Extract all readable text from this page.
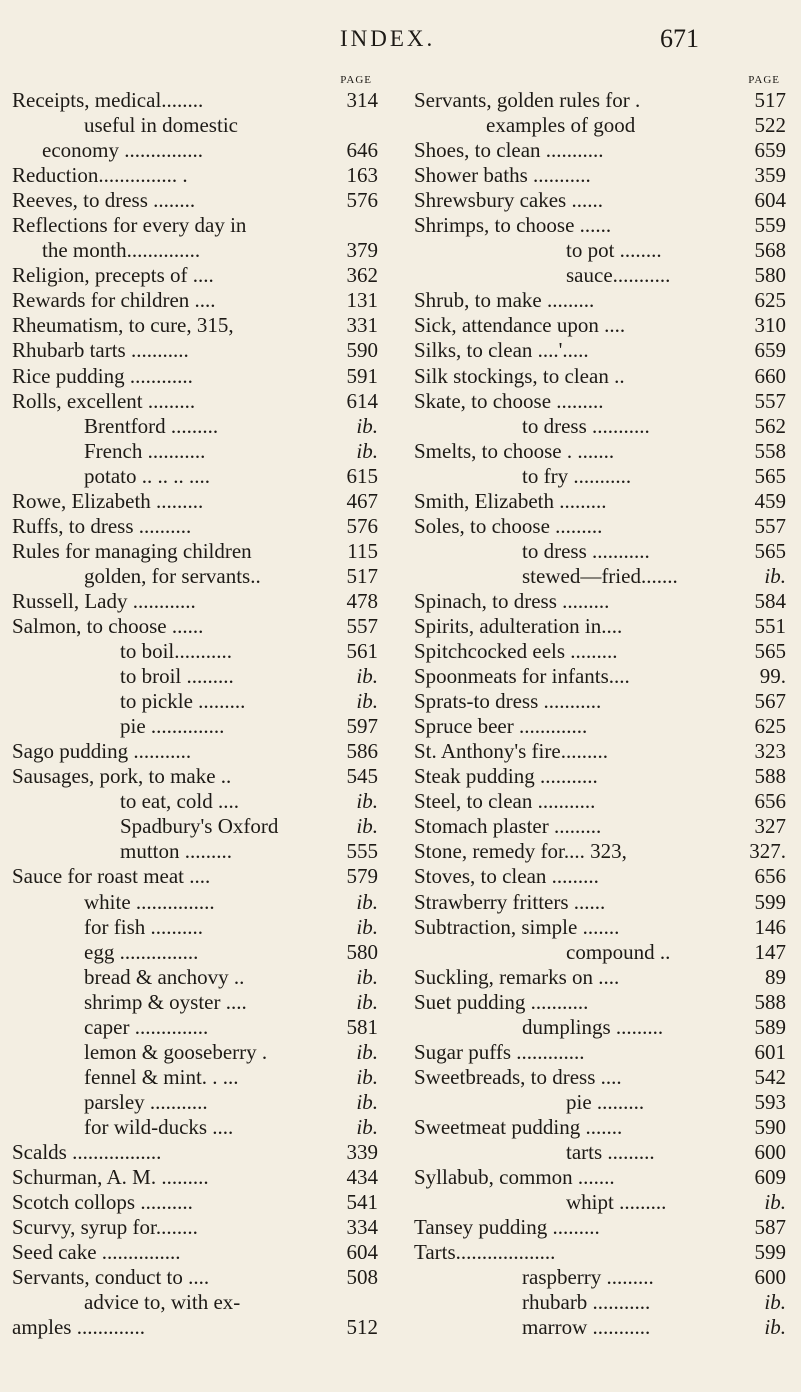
INDEX.	671
PAGE
Receipts, medical........	314
useful in domestic
economy ...............	646
Reduction............... .	163
Reeves, to dress ........	576
Reflections for every day in
the month..............	379
Religion, precepts of ....	362
Rewards for children ....	131
Rheumatism, to cure, 315,	331
Rhubarb tarts ...........	590
Rice pudding ............	591
Rolls, excellent .........	614
Brentford .........	ib.
French ...........	ib.
potato .. .. .. ....	615
Rowe, Elizabeth .........	467
Ruffs, to dress ..........	576
Rules for managing children	115
golden, for servants..	517
Russell, Lady ............	478
Salmon, to choose ......	557
to boil...........	561
to broil .........	ib.
to pickle .........	ib.
pie ..............	597
Sago pudding ...........	586
Sausages, pork, to make ..	545
to eat, cold ....	ib.
Spadbury's Oxford	ib.
mutton .........	555
Sauce for roast meat ....	579
white ...............	ib.
for fish ..........	ib.
egg ...............	580
bread & anchovy ..	ib.
shrimp & oyster ....	ib.
caper ..............	581
lemon & gooseberry .	ib.
fennel & mint. . ...	ib.
parsley ...........	ib.
for wild-ducks ....	ib.
Scalds .................	339
Schurman, A. M. .........	434
Scotch collops ..........	541
Scurvy, syrup for........	334
Seed cake ...............	604
Servants, conduct to ....	508
advice to, with ex-
amples .............	512
PAGE
Servants, golden rules for .	517
examples of good	522
Shoes, to clean ...........	659
Shower baths ...........	359
Shrewsbury cakes ......	604
Shrimps, to choose ......	559
to pot ........	568
sauce...........	580
Shrub, to make .........	625
Sick, attendance upon ....	310
Silks, to clean ....'.....	659
Silk stockings, to clean ..	660
Skate, to choose .........	557
to dress ...........	562
Smelts, to choose . .......	558
to fry ...........	565
Smith, Elizabeth .........	459
Soles, to choose .........	557
to dress ...........	565
stewed—fried.......	ib.
Spinach, to dress .........	584
Spirits, adulteration in....	551
Spitchcocked eels .........	565
Spoonmeats for infants....	99.
Sprats-to dress ...........	567
Spruce beer .............	625
St. Anthony's fire.........	323
Steak pudding ...........	588
Steel, to clean ...........	656
Stomach plaster .........	327
Stone, remedy for.... 323,	327.
Stoves, to clean .........	656
Strawberry fritters ......	599
Subtraction, simple .......	146
compound ..	147
Suckling, remarks on ....	89
Suet pudding ...........	588
dumplings .........	589
Sugar puffs .............	601
Sweetbreads, to dress ....	542
pie .........	593
Sweetmeat pudding .......	590
tarts .........	600
Syllabub, common .......	609
whipt .........	ib.
Tansey pudding .........	587
Tarts...................	599
raspberry .........	600
rhubarb ...........	ib.
marrow ...........	ib.
